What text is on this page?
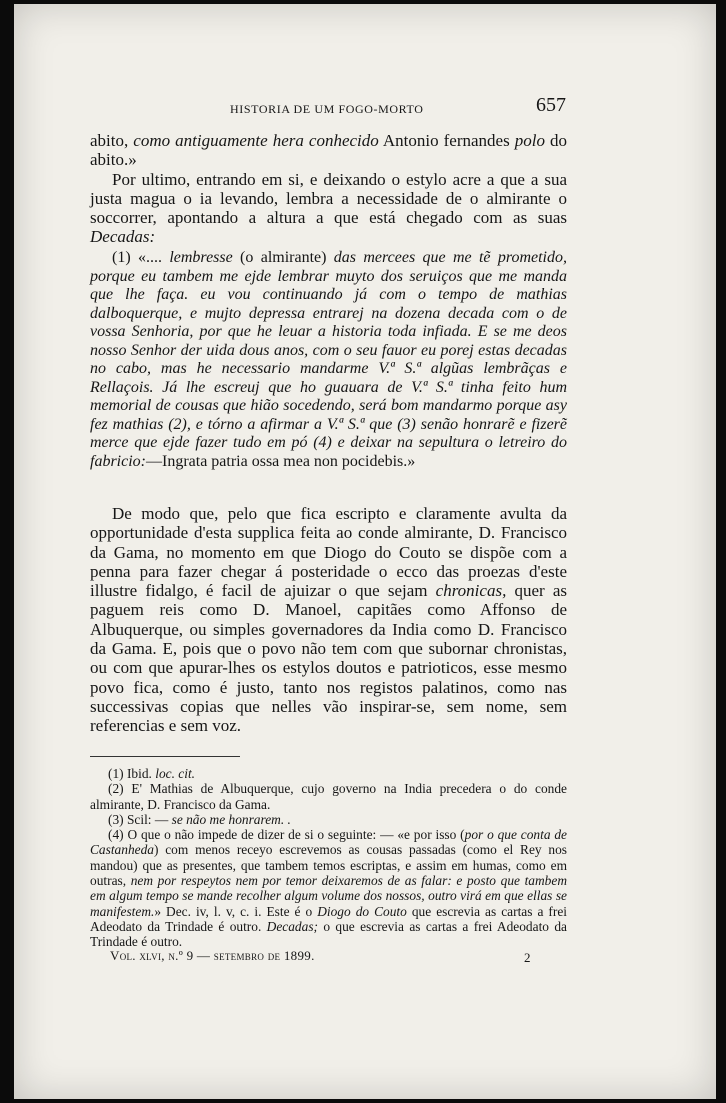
HISTORIA DE UM FOGO-MORTO	657

abito, como antiguamente hera conhecido Antonio fernandes polo do abito.»

Por ultimo, entrando em si, e deixando o estylo acre a que a sua justa magua o ia levando, lembra a necessidade de o almirante o soccorrer, apontando a altura a que está chegado com as suas Decadas:

(1) «.... lembresse (o almirante) das mercees que me tẽ prometido, porque eu tambem me ejde lembrar muyto dos seruiços que me manda que lhe faça. eu vou continuando já com o tempo de mathias dalboquerque, e mujto depressa entrarej na dozena decada com o de vossa Senhoria, por que he leuar a historia toda infiada. E se me deos nosso Senhor der uida dous anos, com o seu fauor eu porej estas decadas no cabo, mas he necessario mandarme V.ª S.ª algũas lembrãças e Rellaçois. Já lhe escreuj que ho guauara de V.ª S.ª tinha feito hum memorial de cousas que hião socedendo, será bom mandarmo porque asy fez mathias (2), e tórno a afirmar a V.ª S.ª que (3) senão honrarẽ e fizerẽ merce que ejde fazer tudo em pó (4) e deixar na sepultura o letreiro do fabricio:—Ingrata patria ossa mea non pocidebis.»
De modo que, pelo que fica escripto e claramente avulta da opportunidade d'esta supplica feita ao conde almirante, D. Francisco da Gama, no momento em que Diogo do Couto se dispõe com a penna para fazer chegar á posteridade o ecco das proezas d'este illustre fidalgo, é facil de ajuizar o que sejam chronicas, quer as paguem reis como D. Manoel, capitães como Affonso de Albuquerque, ou simples governadores da India como D. Francisco da Gama. E, pois que o povo não tem com que subornar chronistas, ou com que apurar-lhes os estylos doutos e patrioticos, esse mesmo povo fica, como é justo, tanto nos registos palatinos, como nas successivas copias que nelles vão inspirar-se, sem nome, sem referencias e sem voz.

(1) Ibid. loc. cit.

(2) E' Mathias de Albuquerque, cujo governo na India precedera o do conde almirante, D. Francisco da Gama.

(3) Scil: — se não me honrarem. .

(4) O que o não impede de dizer de si o seguinte: — «e por isso (por o que conta de Castanheda) com menos receyo escrevemos as cousas passadas (como el Rey nos mandou) que as presentes, que tambem temos escriptas, e assim em humas, como em outras, nem por respeytos nem por temor deixaremos de as falar: e posto que tambem em algum tempo se mande recolher algum volume dos nossos, outro virá em que ellas se manifestem.» Dec. iv, l. v, c. i. Este é o Diogo do Couto que escrevia as cartas a frei Adeodato da Trindade é outro. Decadas; o que escrevia as cartas a frei Adeodato da Trindade é outro.

Vol. xlvi, n.º 9 — setembro de 1899.	2
